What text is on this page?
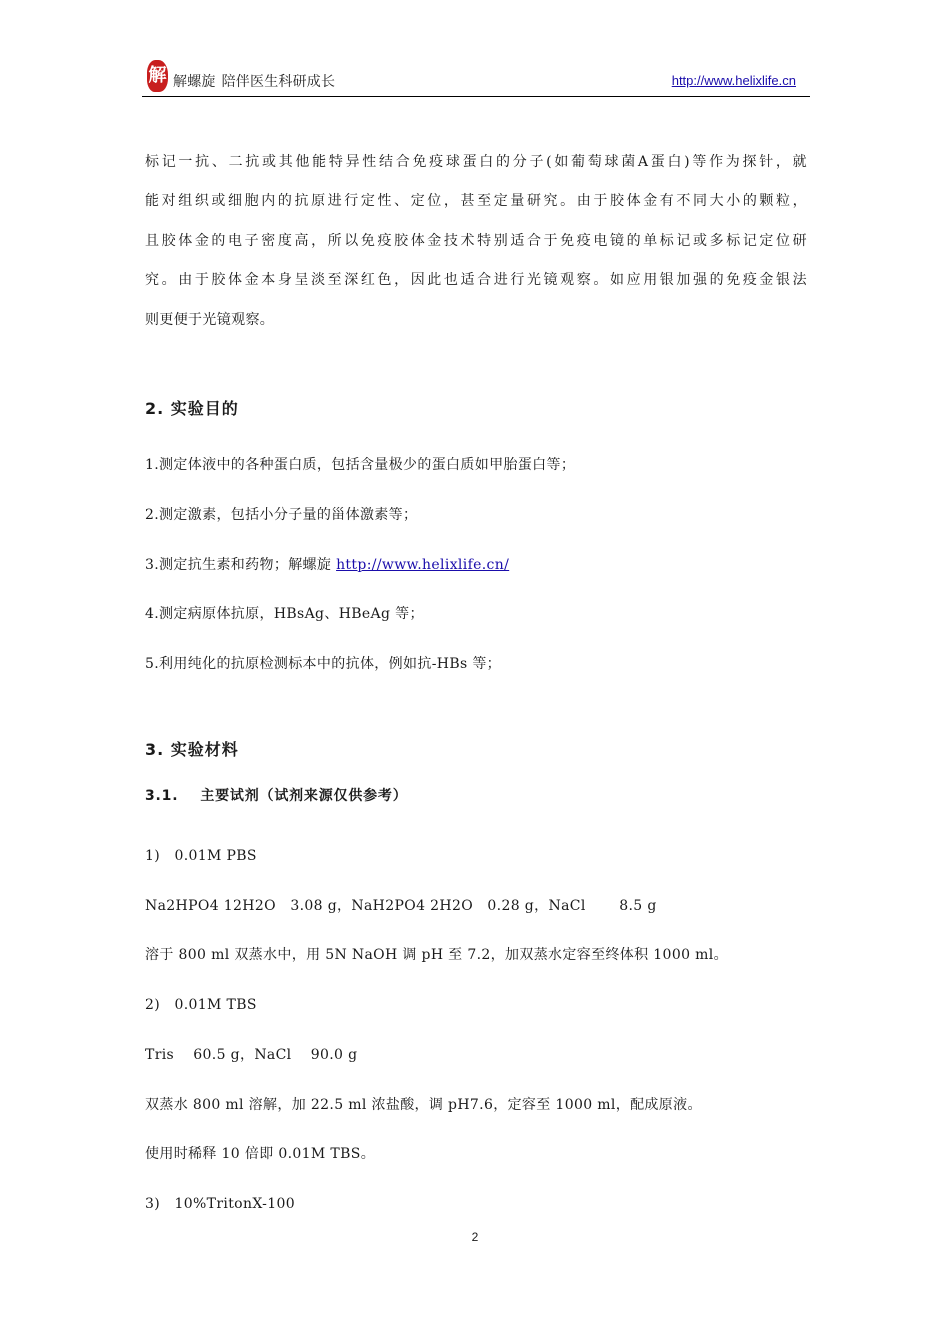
解 解螺旋 陪伴医生科研成长	http://www.helixlife.cn
标记一抗、二抗或其他能特异性结合免疫球蛋白的分子(如葡萄球菌A蛋白)等作为探针，就
能对组织或细胞内的抗原进行定性、定位，甚至定量研究。由于胶体金有不同大小的颗粒，
且胶体金的电子密度高，所以免疫胶体金技术特别适合于免疫电镜的单标记或多标记定位研
究。由于胶体金本身呈淡至深红色，因此也适合进行光镜观察。如应用银加强的免疫金银法
则更便于光镜观察。
2. 实验目的
1.测定体液中的各种蛋白质，包括含量极少的蛋白质如甲胎蛋白等；
2.测定激素，包括小分子量的甾体激素等；
3.测定抗生素和药物；解螺旋 http://www.helixlife.cn/
4.测定病原体抗原，HBsAg、HBeAg 等；
5.利用纯化的抗原检测标本中的抗体，例如抗-HBs 等；
3. 实验材料
3.1. 主要试剂（试剂来源仅供参考）
1)   0.01M PBS
Na2HPO4 12H2O   3.08 g，NaH2PO4 2H2O   0.28 g，NaCl       8.5 g
溶于 800 ml 双蒸水中，用 5N NaOH 调 pH 至 7.2，加双蒸水定容至终体积 1000 ml。
2)   0.01M TBS
Tris    60.5 g，NaCl    90.0 g
双蒸水 800 ml 溶解，加 22.5 ml 浓盐酸，调 pH7.6，定容至 1000 ml，配成原液。
使用时稀释 10 倍即 0.01M TBS。
3)   10%TritonX-100
2
